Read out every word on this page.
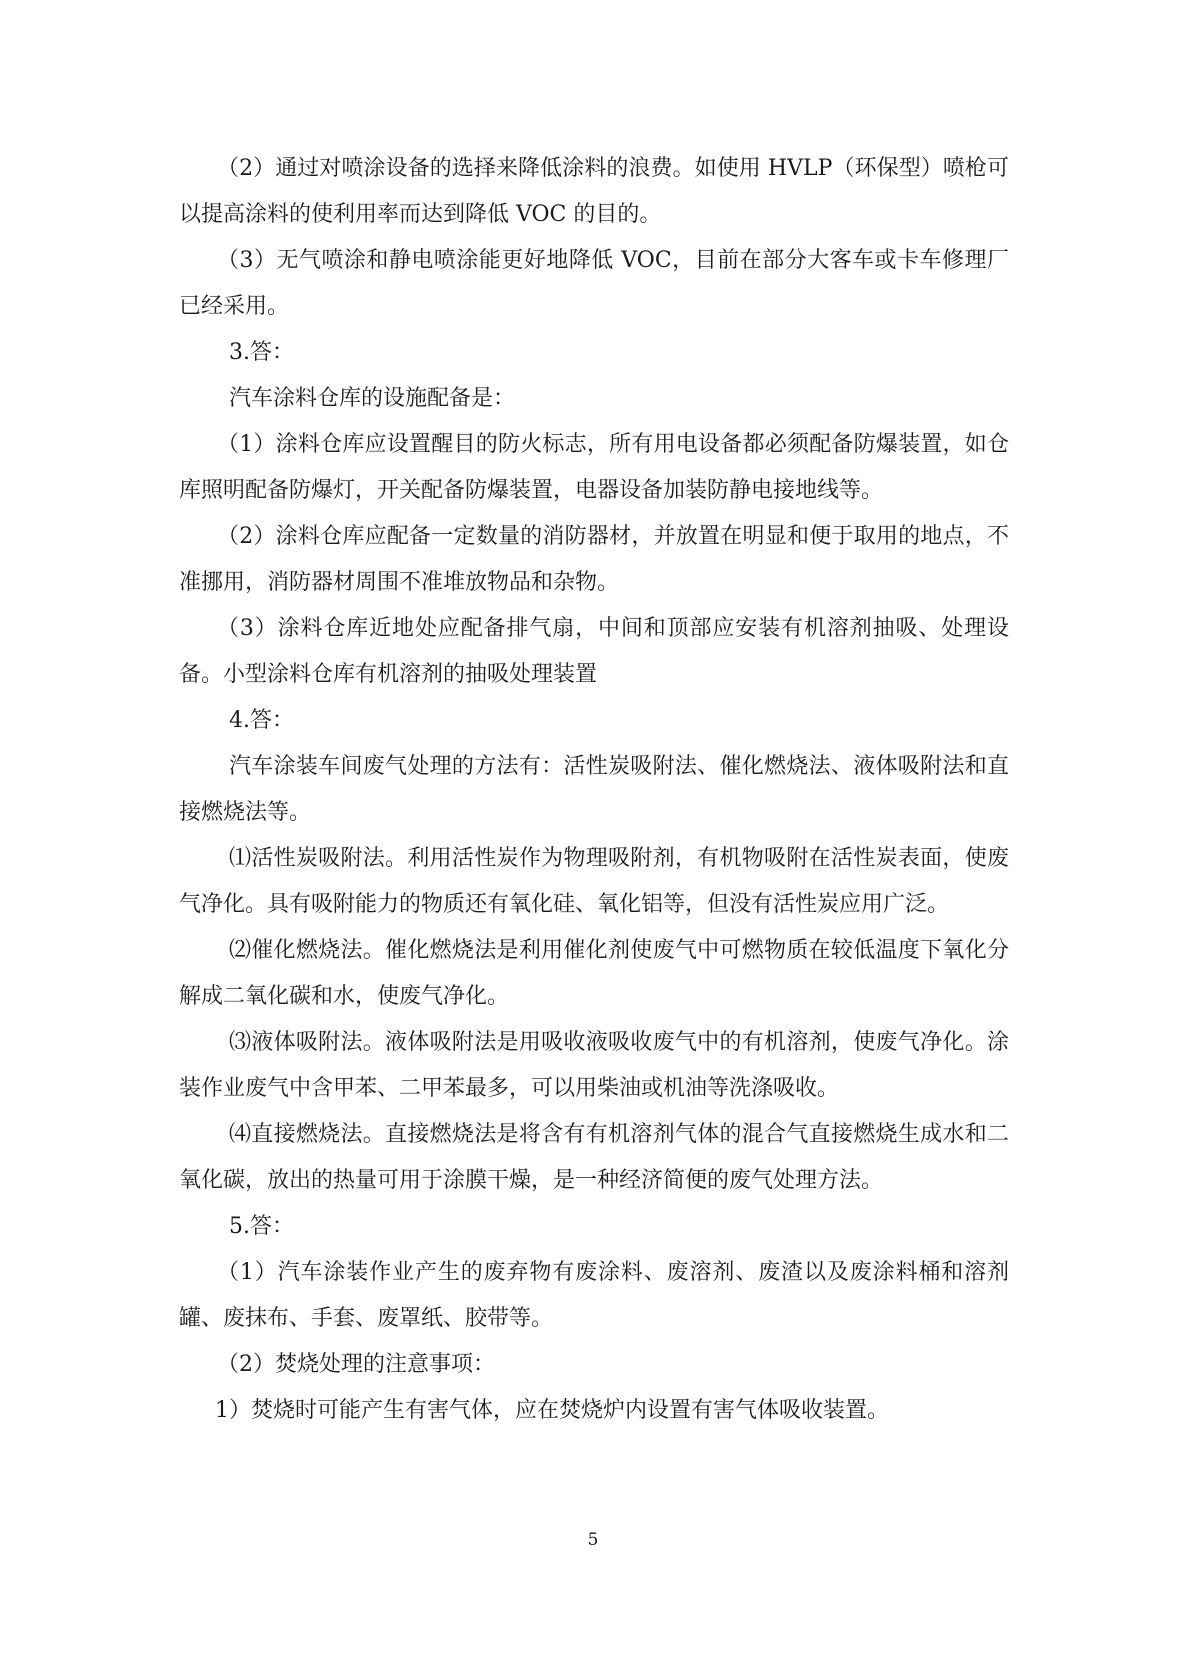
（2）通过对喷涂设备的选择来降低涂料的浪费。如使用 HVLP（环保型）喷枪可以提高涂料的使利用率而达到降低 VOC 的目的。

（3）无气喷涂和静电喷涂能更好地降低 VOC，目前在部分大客车或卡车修理厂已经采用。

3.答：

汽车涂料仓库的设施配备是：

（1）涂料仓库应设置醒目的防火标志，所有用电设备都必须配备防爆装置，如仓库照明配备防爆灯，开关配备防爆装置，电器设备加装防静电接地线等。

（2）涂料仓库应配备一定数量的消防器材，并放置在明显和便于取用的地点，不准挪用，消防器材周围不准堆放物品和杂物。

（3）涂料仓库近地处应配备排气扇，中间和顶部应安装有机溶剂抽吸、处理设备。小型涂料仓库有机溶剂的抽吸处理装置

4.答：

汽车涂装车间废气处理的方法有：活性炭吸附法、催化燃烧法、液体吸附法和直接燃烧法等。

⑴活性炭吸附法。利用活性炭作为物理吸附剂，有机物吸附在活性炭表面，使废气净化。具有吸附能力的物质还有氧化硅、氧化铝等，但没有活性炭应用广泛。

⑵催化燃烧法。催化燃烧法是利用催化剂使废气中可燃物质在较低温度下氧化分解成二氧化碳和水，使废气净化。

⑶液体吸附法。液体吸附法是用吸收液吸收废气中的有机溶剂，使废气净化。涂装作业废气中含甲苯、二甲苯最多，可以用柴油或机油等洗涤吸收。

⑷直接燃烧法。直接燃烧法是将含有有机溶剂气体的混合气直接燃烧生成水和二氧化碳，放出的热量可用于涂膜干燥，是一种经济简便的废气处理方法。

5.答：

（1）汽车涂装作业产生的废弃物有废涂料、废溶剂、废渣以及废涂料桶和溶剂罐、废抹布、手套、废罩纸、胶带等。

（2）焚烧处理的注意事项：

1）焚烧时可能产生有害气体，应在焚烧炉内设置有害气体吸收装置。

5
